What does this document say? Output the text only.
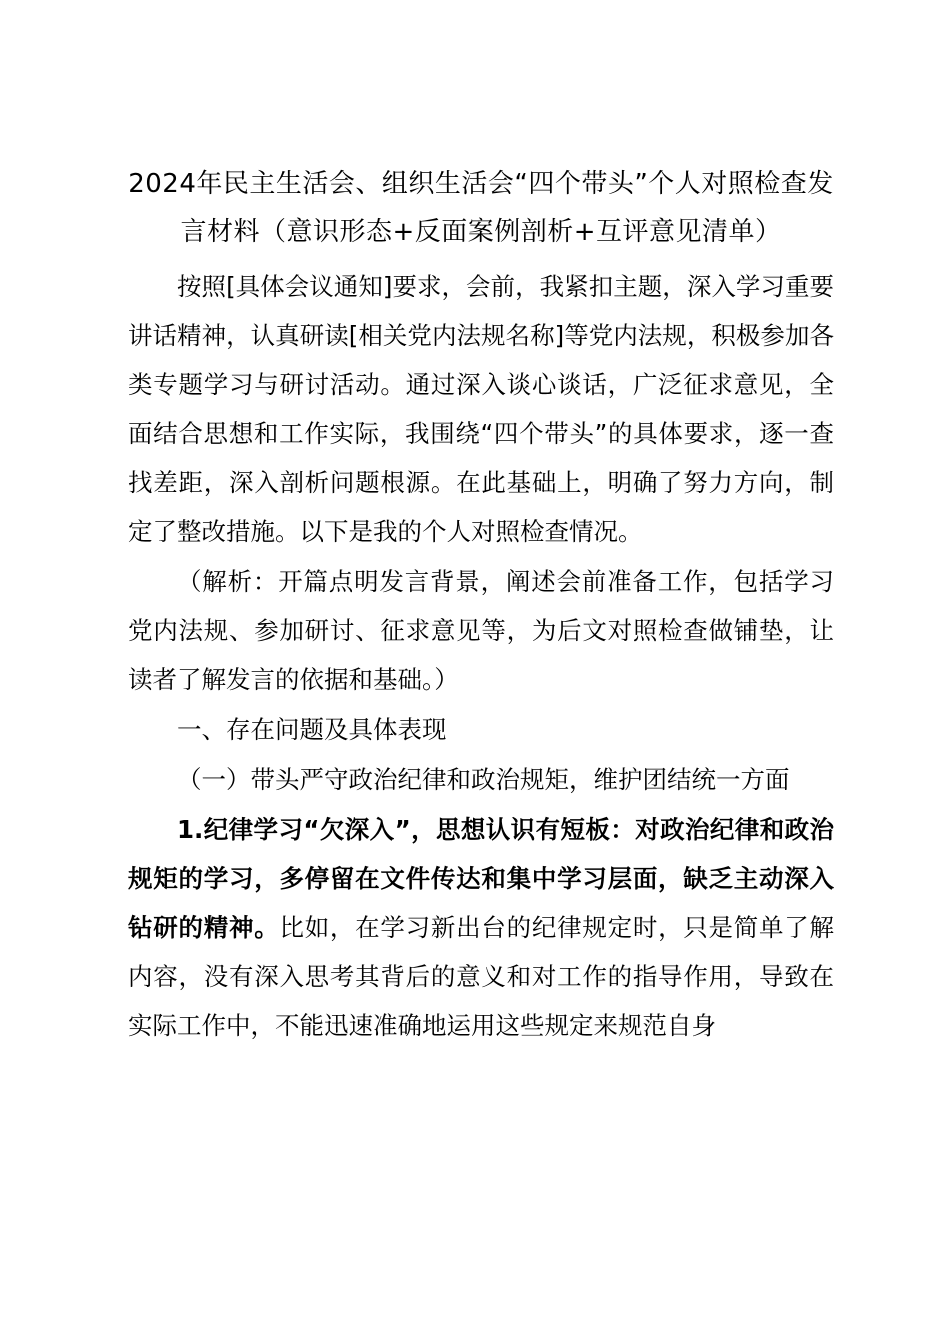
2024年民主生活会、组织生活会“四个带头”个人对照检查发言材料（意识形态+反面案例剖析+互评意见清单）

按照[具体会议通知]要求，会前，我紧扣主题，深入学习重要讲话精神，认真研读[相关党内法规名称]等党内法规，积极参加各类专题学习与研讨活动。通过深入谈心谈话，广泛征求意见，全面结合思想和工作实际，我围绕“四个带头”的具体要求，逐一查找差距，深入剖析问题根源。在此基础上，明确了努力方向，制定了整改措施。以下是我的个人对照检查情况。

（解析：开篇点明发言背景，阐述会前准备工作，包括学习党内法规、参加研讨、征求意见等，为后文对照检查做铺垫，让读者了解发言的依据和基础。）

一、存在问题及具体表现

（一）带头严守政治纪律和政治规矩，维护团结统一方面

1.纪律学习“欠深入”，思想认识有短板：对政治纪律和政治规矩的学习，多停留在文件传达和集中学习层面，缺乏主动深入钻研的精神。比如，在学习新出台的纪律规定时，只是简单了解内容，没有深入思考其背后的意义和对工作的指导作用，导致在实际工作中，不能迅速准确地运用这些规定来规范自身
